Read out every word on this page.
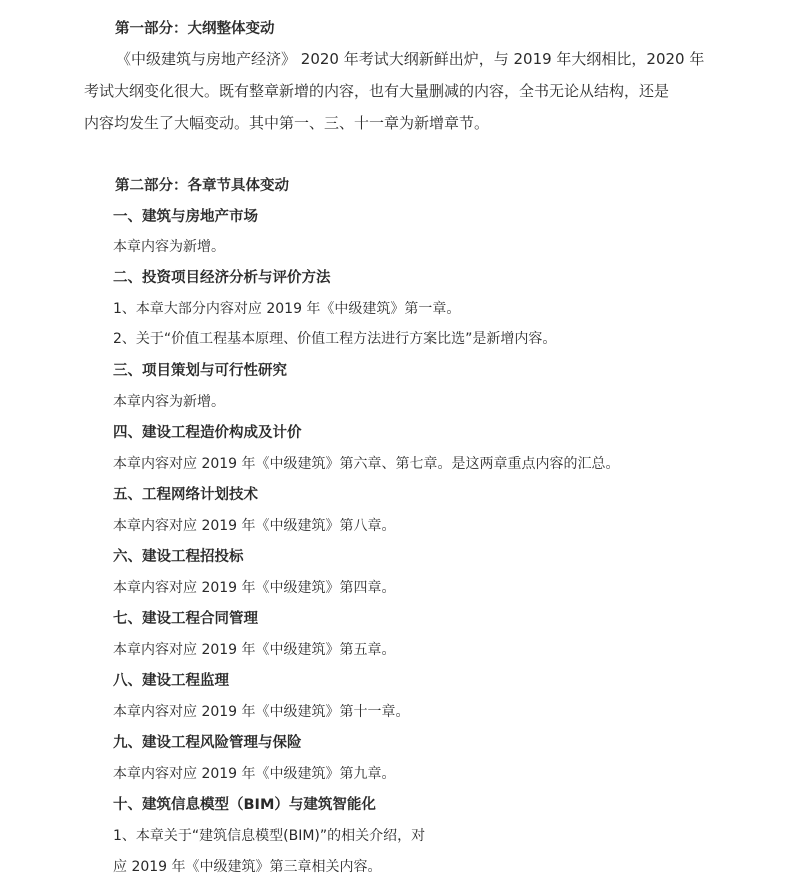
第一部分：大纲整体变动

《中级建筑与房地产经济》 2020 年考试大纲新鲜出炉，与 2019 年大纲相比，2020 年

考试大纲变化很大。既有整章新增的内容，也有大量删减的内容，全书无论从结构，还是

内容均发生了大幅变动。其中第一、三、十一章为新增章节。

第二部分：各章节具体变动
一、建筑与房地产市场
本章内容为新增。
二、投资项目经济分析与评价方法
1、本章大部分内容对应 2019 年《中级建筑》第一章。
2、关于“价值工程基本原理、价值工程方法进行方案比选”是新增内容。
三、项目策划与可行性研究
本章内容为新增。
四、建设工程造价构成及计价
本章内容对应 2019 年《中级建筑》第六章、第七章。是这两章重点内容的汇总。
五、工程网络计划技术
本章内容对应 2019 年《中级建筑》第八章。
六、建设工程招投标
本章内容对应 2019 年《中级建筑》第四章。
七、建设工程合同管理
本章内容对应 2019 年《中级建筑》第五章。
八、建设工程监理
本章内容对应 2019 年《中级建筑》第十一章。
九、建设工程风险管理与保险
本章内容对应 2019 年《中级建筑》第九章。
十、建筑信息模型（BIM）与建筑智能化
1、本章关于“建筑信息模型(BIM)”的相关介绍，对
应 2019 年《中级建筑》第三章相关内容。
